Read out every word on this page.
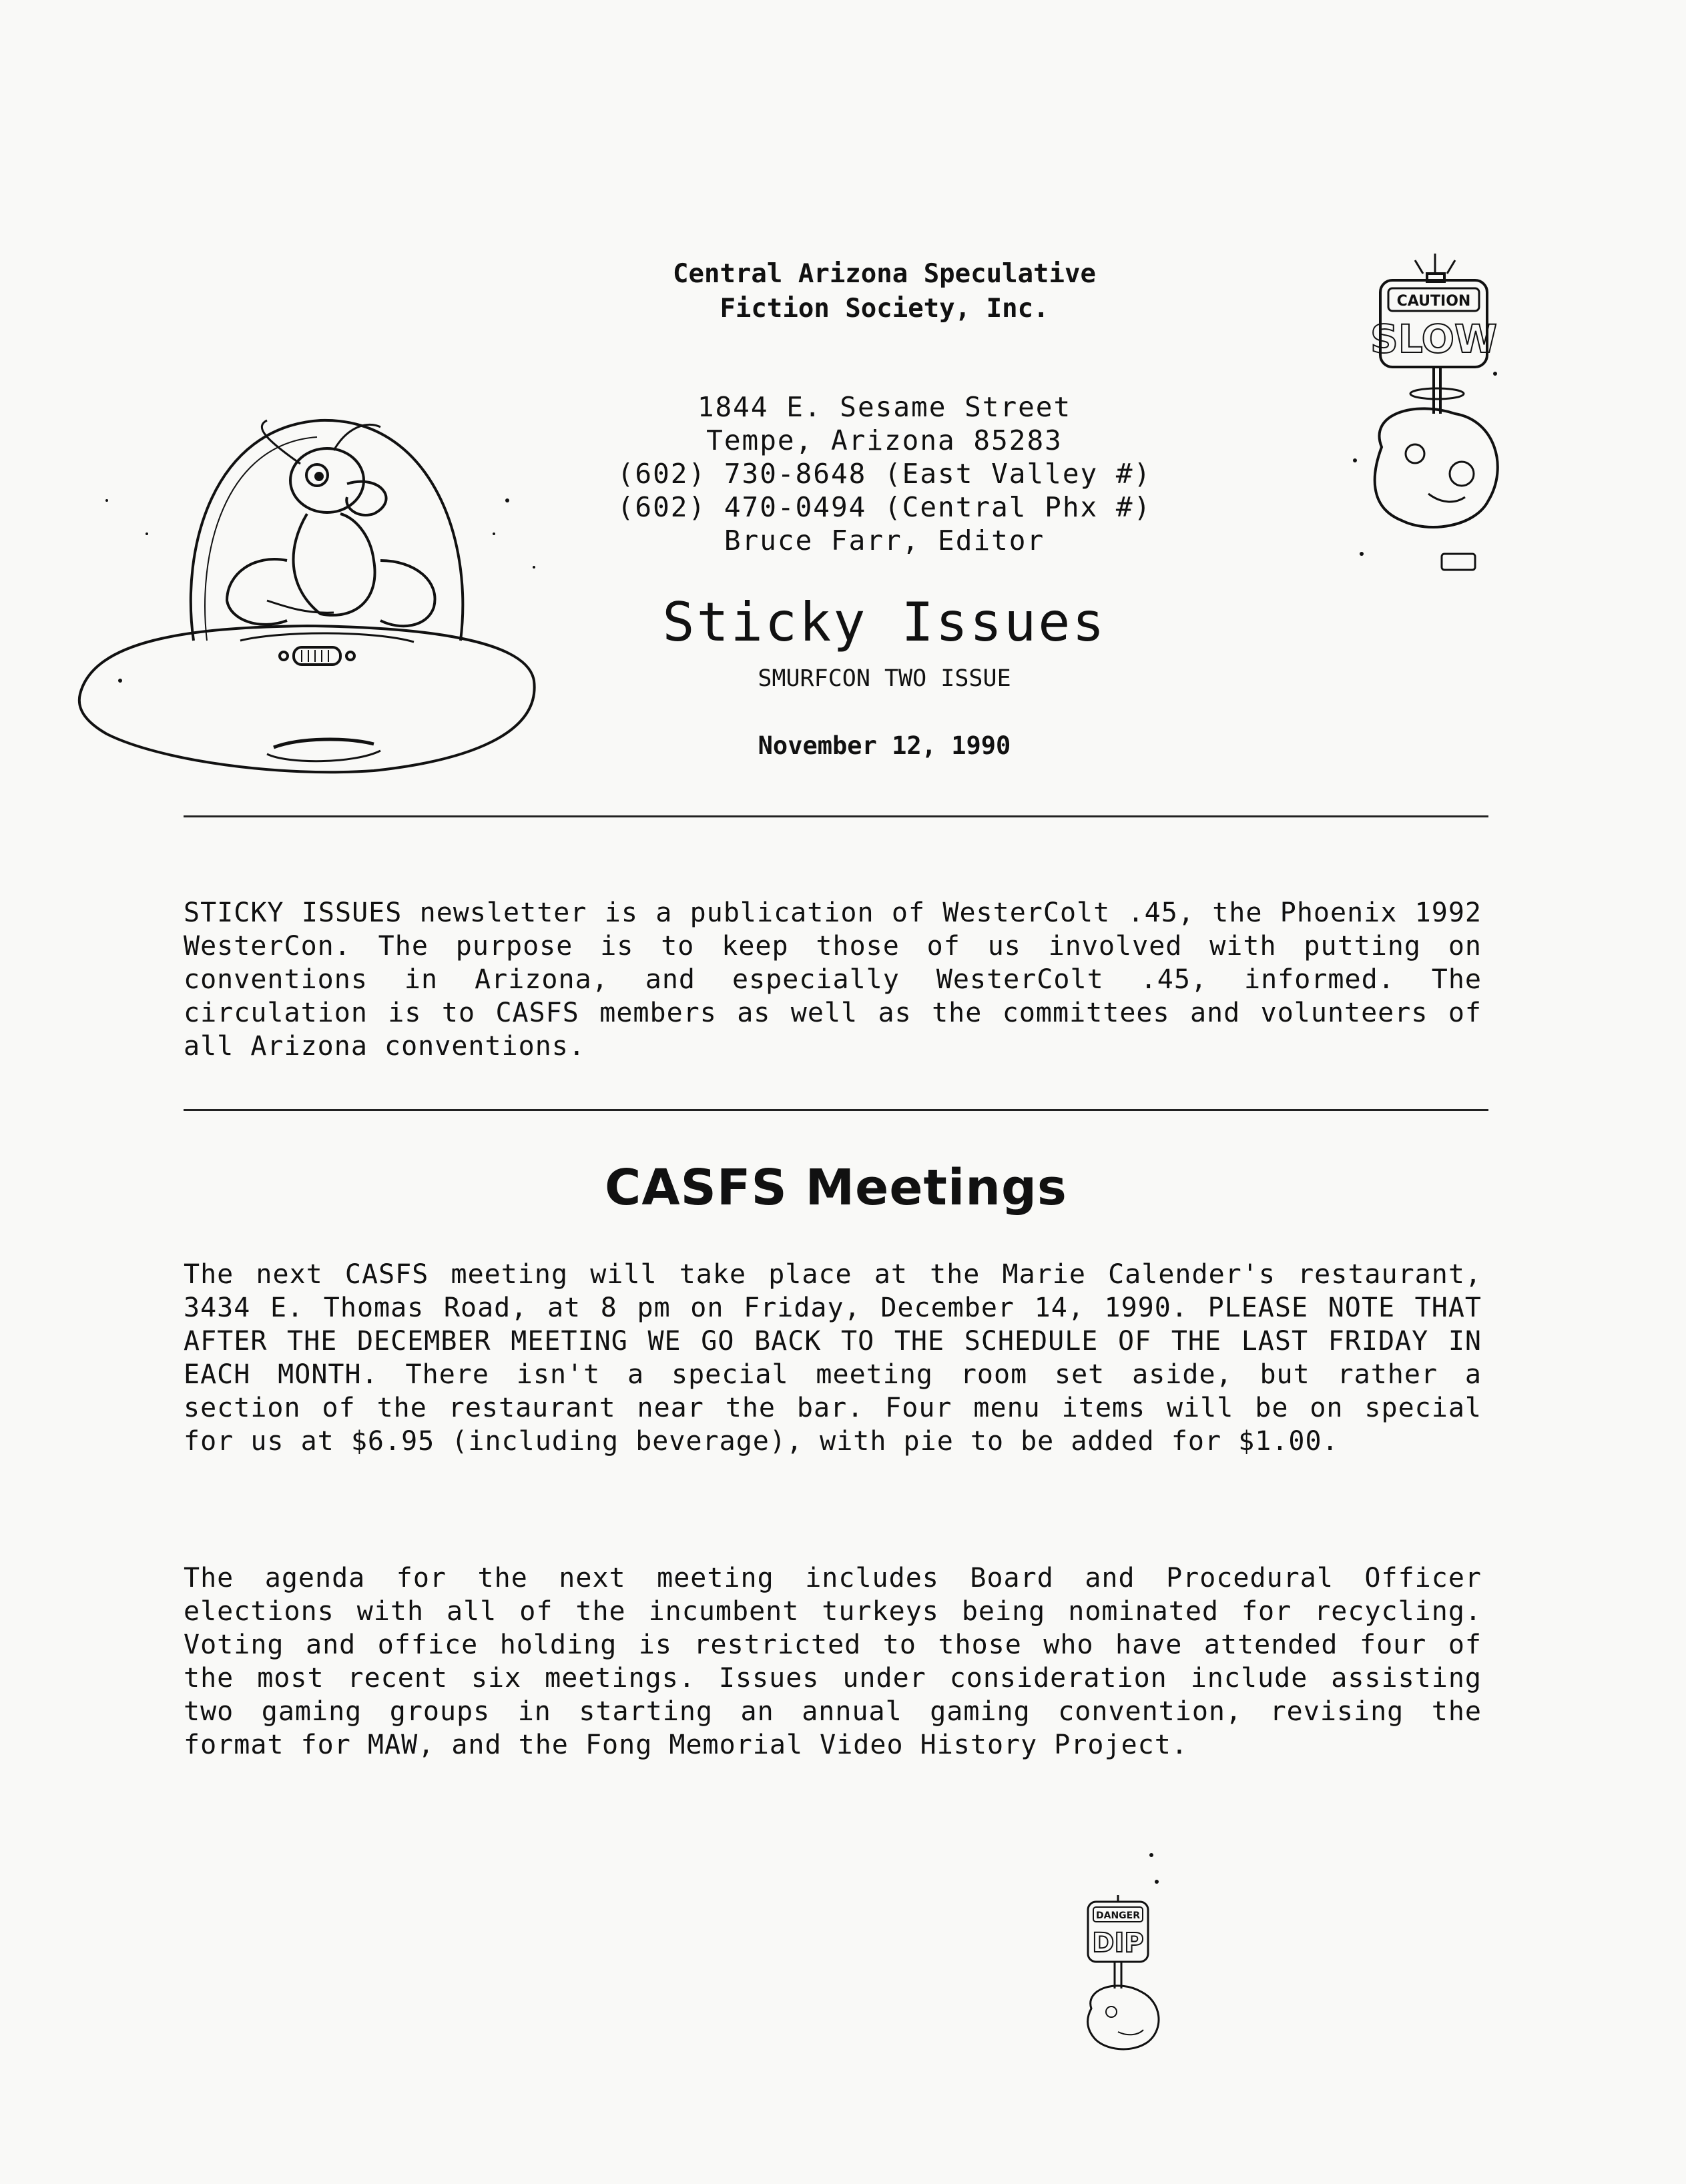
Central Arizona Speculative
Fiction Society, Inc.
1844 E. Sesame Street
Tempe, Arizona 85283
(602) 730-8648 (East Valley #)
(602) 470-0494 (Central Phx #)
Bruce Farr, Editor
Sticky Issues
SMURFCON TWO ISSUE
November 12, 1990
CAUTION
SLOW

STICKY ISSUES newsletter is a publication of WesterColt .45, the Phoenix 1992 WesterCon. The purpose is to keep those of us involved with putting on conventions in Arizona, and especially WesterColt .45, informed. The circulation is to CASFS members as well as the committees and volunteers of all Arizona conventions.

CASFS Meetings

The next CASFS meeting will take place at the Marie Calender's restaurant, 3434 E. Thomas Road, at 8 pm on Friday, December 14, 1990. PLEASE NOTE THAT AFTER THE DECEMBER MEETING WE GO BACK TO THE SCHEDULE OF THE LAST FRIDAY IN EACH MONTH. There isn't a special meeting room set aside, but rather a section of the restaurant near the bar. Four menu items will be on special for us at $6.95 (including beverage), with pie to be added for $1.00.

The agenda for the next meeting includes Board and Procedural Officer elections with all of the incumbent turkeys being nominated for recycling. Voting and office holding is restricted to those who have attended four of the most recent six meetings. Issues under consideration include assisting two gaming groups in starting an annual gaming convention, revising the format for MAW, and the Fong Memorial Video History Project.

DANGER
DIP
